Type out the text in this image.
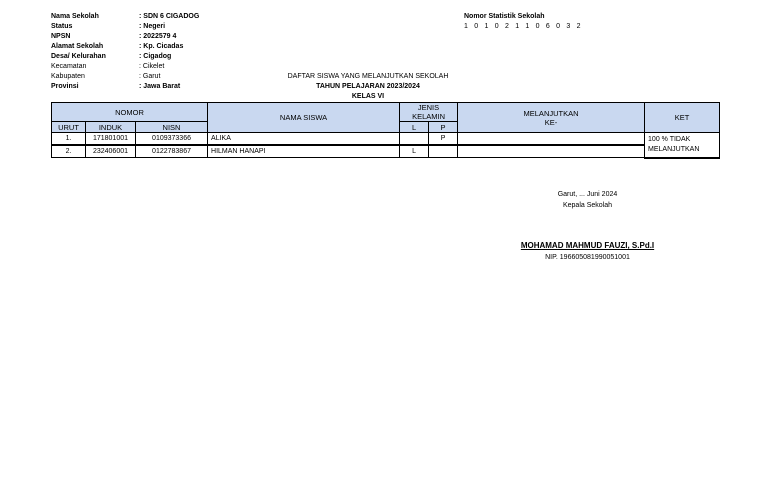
Nama Sekolah	: SDN 6 CIGADOG
Status	: Negeri
NPSN	: 2022579 4
Alamat Sekolah	: Kp. Cicadas
Desa/ Kelurahan	: Cigadog
Kecamatan	: Cikelet
Kabupaten	: Garut
Provinsi	: Jawa Barat
Nomor Statistik Sekolah
1 0 1 0 2 1 1 0 6 0 3 2
DAFTAR SISWA YANG MELANJUTKAN SEKOLAH
TAHUN PELAJARAN 2023/2024
KELAS VI
NOMOR			NAMA SISWA	JENIS
KELAMIN		MELANJUTKAN
KE-	KET

URUT	INDUK	NISN		L	P		
1.	171801001	0109373366	ALIKA		P		100 % TIDAK MELANJUTKAN
2.	232406001	0122783867	HILMAN HANAPI	L			
Garut, ... Juni 2024
Kepala Sekolah
MOHAMAD MAHMUD FAUZI, S.Pd.I
NIP. 196605081990051001
